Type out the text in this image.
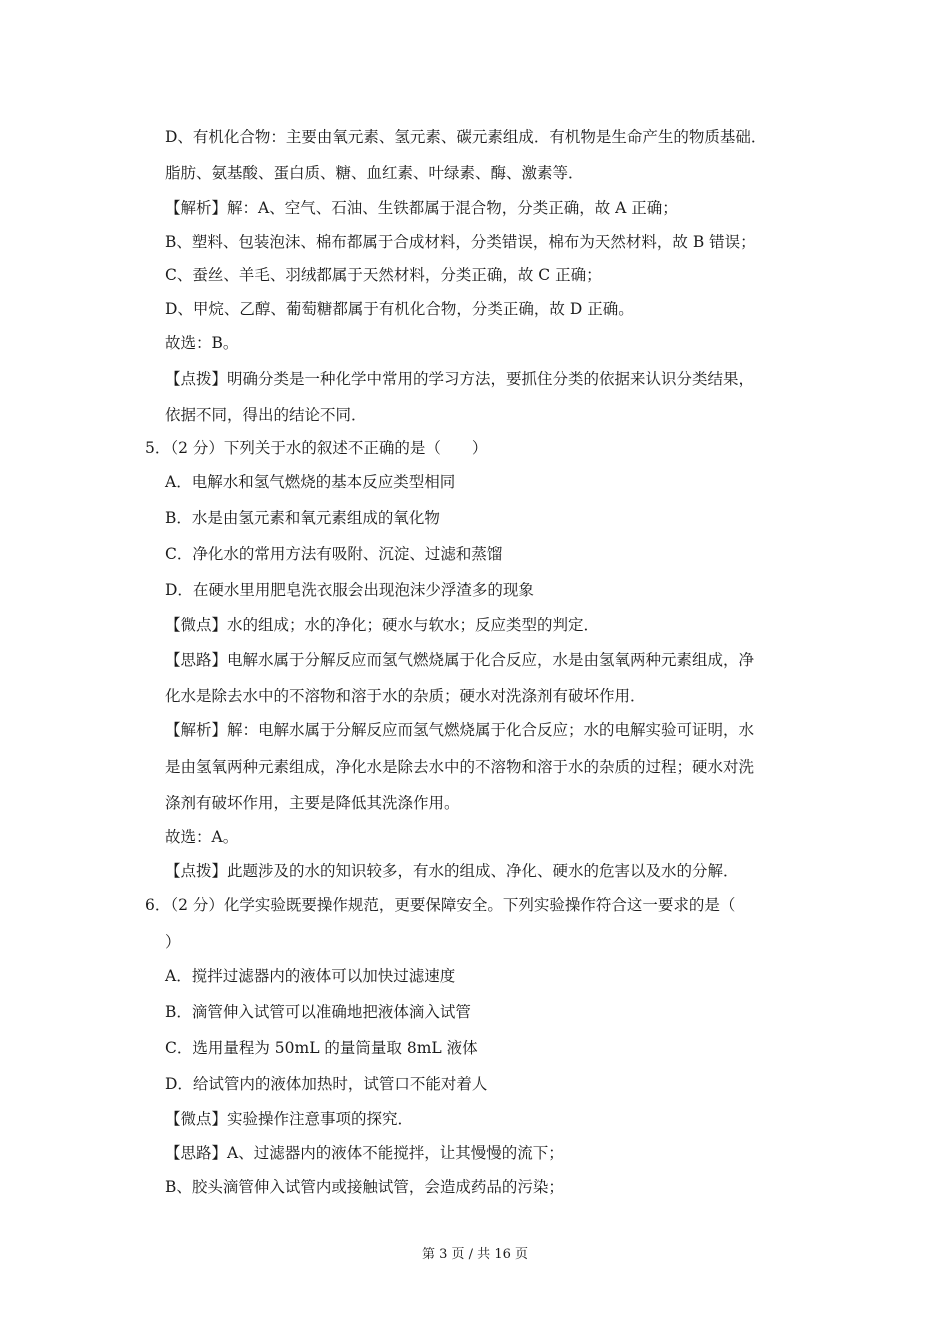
D、有机化合物：主要由氧元素、氢元素、碳元素组成．有机物是生命产生的物质基础．
脂肪、氨基酸、蛋白质、糖、血红素、叶绿素、酶、激素等．
【解析】解：A、空气、石油、生铁都属于混合物，分类正确，故 A 正确；
B、塑料、包装泡沫、棉布都属于合成材料，分类错误，棉布为天然材料，故 B 错误；
C、蚕丝、羊毛、羽绒都属于天然材料，分类正确，故 C 正确；
D、甲烷、乙醇、葡萄糖都属于有机化合物，分类正确，故 D 正确。
故选：B。
【点拨】明确分类是一种化学中常用的学习方法，要抓住分类的依据来认识分类结果，
依据不同，得出的结论不同．
5．（2 分）下列关于水的叙述不正确的是（　　）
A．电解水和氢气燃烧的基本反应类型相同
B．水是由氢元素和氧元素组成的氧化物
C．净化水的常用方法有吸附、沉淀、过滤和蒸馏
D．在硬水里用肥皂洗衣服会出现泡沫少浮渣多的现象
【微点】水的组成；水的净化；硬水与软水；反应类型的判定．
【思路】电解水属于分解反应而氢气燃烧属于化合反应，水是由氢氧两种元素组成，净
化水是除去水中的不溶物和溶于水的杂质；硬水对洗涤剂有破坏作用．
【解析】解：电解水属于分解反应而氢气燃烧属于化合反应；水的电解实验可证明，水
是由氢氧两种元素组成，净化水是除去水中的不溶物和溶于水的杂质的过程；硬水对洗
涤剂有破坏作用，主要是降低其洗涤作用。
故选：A。
【点拨】此题涉及的水的知识较多，有水的组成、净化、硬水的危害以及水的分解．
6．（2 分）化学实验既要操作规范，更要保障安全。下列实验操作符合这一要求的是（
）
A．搅拌过滤器内的液体可以加快过滤速度
B．滴管伸入试管可以准确地把液体滴入试管
C．选用量程为 50mL 的量筒量取 8mL 液体
D．给试管内的液体加热时，试管口不能对着人
【微点】实验操作注意事项的探究．
【思路】A、过滤器内的液体不能搅拌，让其慢慢的流下；
B、胶头滴管伸入试管内或接触试管，会造成药品的污染；
第 3 页 / 共 16 页
